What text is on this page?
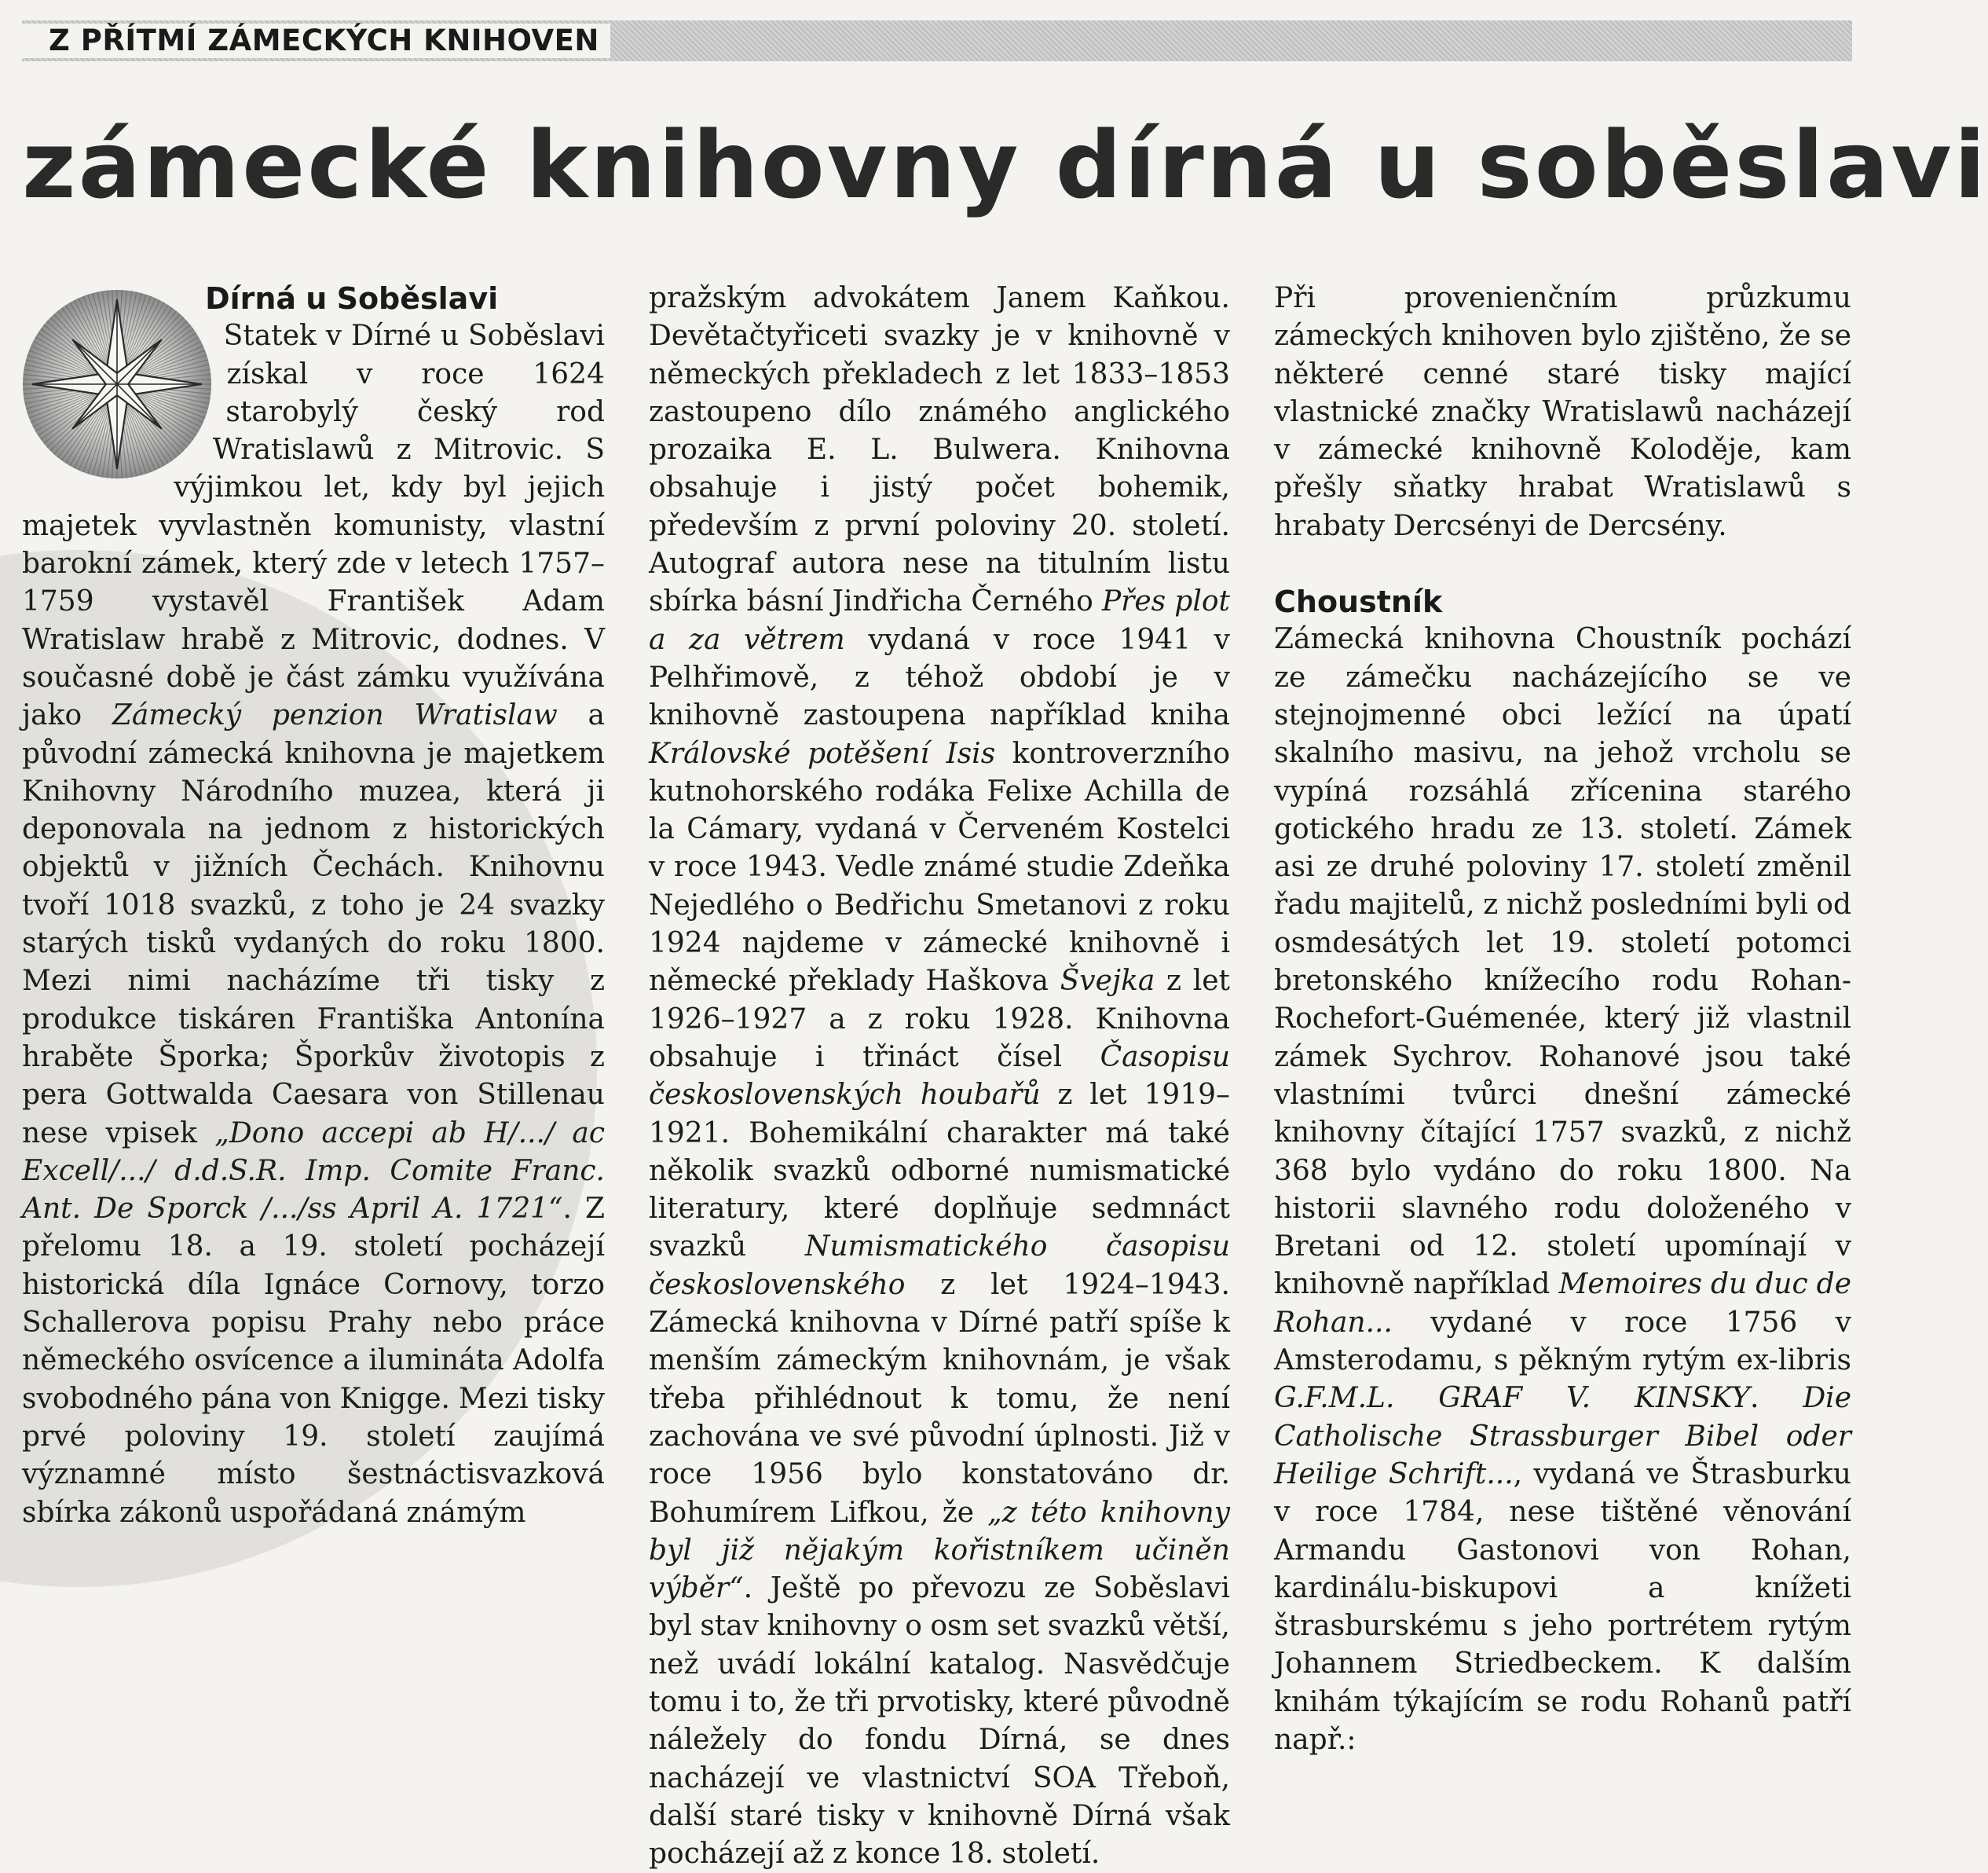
Z PŘÍTMÍ ZÁMECKÝCH KNIHOVEN
zámecké knihovny dírná u soběslavi
Dírná u Soběslavi

Statek v Dírné u Soběslavi získal v roce 1624 starobylý český rod Wratislawů z Mitrovic. S výjimkou let, kdy byl jejich majetek vyvlastněn komunisty, vlastní barokní zámek, který zde v letech 1757–1759 vystavěl František Adam Wratislaw hrabě z Mitrovic, dodnes. V současné době je část zámku využívána jako Zámecký penzion Wratislaw a původní zámecká knihovna je majetkem Knihovny Národního muzea, která ji deponovala na jednom z historických objektů v jižních Čechách. Knihovnu tvoří 1018 svazků, z toho je 24 svazky starých tisků vydaných do roku 1800. Mezi nimi nacházíme tři tisky z produkce tiskáren Františka Antonína hraběte Šporka; Šporkův životopis z pera Gottwalda Caesara von Stillenau nese vpisek „Dono accepi ab H/.../ ac Excell/.../ d.d.S.R. Imp. Comite Franc. Ant. De Sporck /.../ss April A. 1721“. Z přelomu 18. a 19. století pocházejí historická díla Ignáce Cornovy, torzo Schallerova popisu Prahy nebo práce německého osvícence a ilumináta Adolfa svobodného pána von Knigge. Mezi tisky prvé poloviny 19. století zaujímá významné místo šestnáctisvazková sbírka zákonů uspořádaná známým

pražským advokátem Janem Kaňkou. Devětačtyřiceti svazky je v knihovně v německých překladech z let 1833–1853 zastoupeno dílo známého anglického prozaika E. L. Bulwera. Knihovna obsahuje i jistý počet bohemik, především z první poloviny 20. století. Autograf autora nese na titulním listu sbírka básní Jindřicha Černého Přes plot a za větrem vydaná v roce 1941 v Pelhřimově, z téhož období je v knihovně zastoupena například kniha Královské potěšení Isis kontroverzního kutnohorského rodáka Felixe Achilla de la Cámary, vydaná v Červeném Kostelci v roce 1943. Vedle známé studie Zdeňka Nejedlého o Bedřichu Smetanovi z roku 1924 najdeme v zámecké knihovně i německé překlady Haškova Švejka z let 1926–1927 a z roku 1928. Knihovna obsahuje i třináct čísel Časopisu československých houbařů z let 1919–1921. Bohemikální charakter má také několik svazků odborné numismatické literatury, které doplňuje sedmnáct svazků Numismatického časopisu československého z let 1924–1943. Zámecká knihovna v Dírné patří spíše k menším zámeckým knihovnám, je však třeba přihlédnout k tomu, že není zachována ve své původní úplnosti. Již v roce 1956 bylo konstatováno dr. Bohumírem Lifkou, že „z této knihovny byl již nějakým kořistníkem učiněn výběr“. Ještě po převozu ze Soběslavi byl stav knihovny o osm set svazků větší, než uvádí lokální katalog. Nasvědčuje tomu i to, že tři prvotisky, které původně náležely do fondu Dírná, se dnes nacházejí ve vlastnictví SOA Třeboň, další staré tisky v knihovně Dírná však pocházejí až z konce 18. století.

Při provenienčním průzkumu zámeckých knihoven bylo zjištěno, že se některé cenné staré tisky mající vlastnické značky Wratislawů nacházejí v zámecké knihovně Koloděje, kam přešly sňatky hrabat Wratislawů s hrabaty Dercsényi de Dercsény.

Choustník

Zámecká knihovna Choustník pochází ze zámečku nacházejícího se ve stejnojmenné obci ležící na úpatí skalního masivu, na jehož vrcholu se vypíná rozsáhlá zřícenina starého gotického hradu ze 13. století. Zámek asi ze druhé poloviny 17. století změnil řadu majitelů, z nichž posledními byli od osmdesátých let 19. století potomci bretonského knížecího rodu Rohan-Rochefort-Guémenée, který již vlastnil zámek Sychrov. Rohanové jsou také vlastními tvůrci dnešní zámecké knihovny čítající 1757 svazků, z nichž 368 bylo vydáno do roku 1800. Na historii slavného rodu doloženého v Bretani od 12. století upomínají v knihovně například Memoires du duc de Rohan... vydané v roce 1756 v Amsterodamu, s pěkným rytým ex-libris G.F.M.L. GRAF V. KINSKY. Die Catholische Strassburger Bibel oder Heilige Schrift..., vydaná ve Štrasburku v roce 1784, nese tištěné věnování Armandu Gastonovi von Rohan, kardinálu-biskupovi a knížeti štrasburskému s jeho portrétem rytým Johannem Striedbeckem. K dalším knihám týkajícím se rodu Rohanů patří např.:
